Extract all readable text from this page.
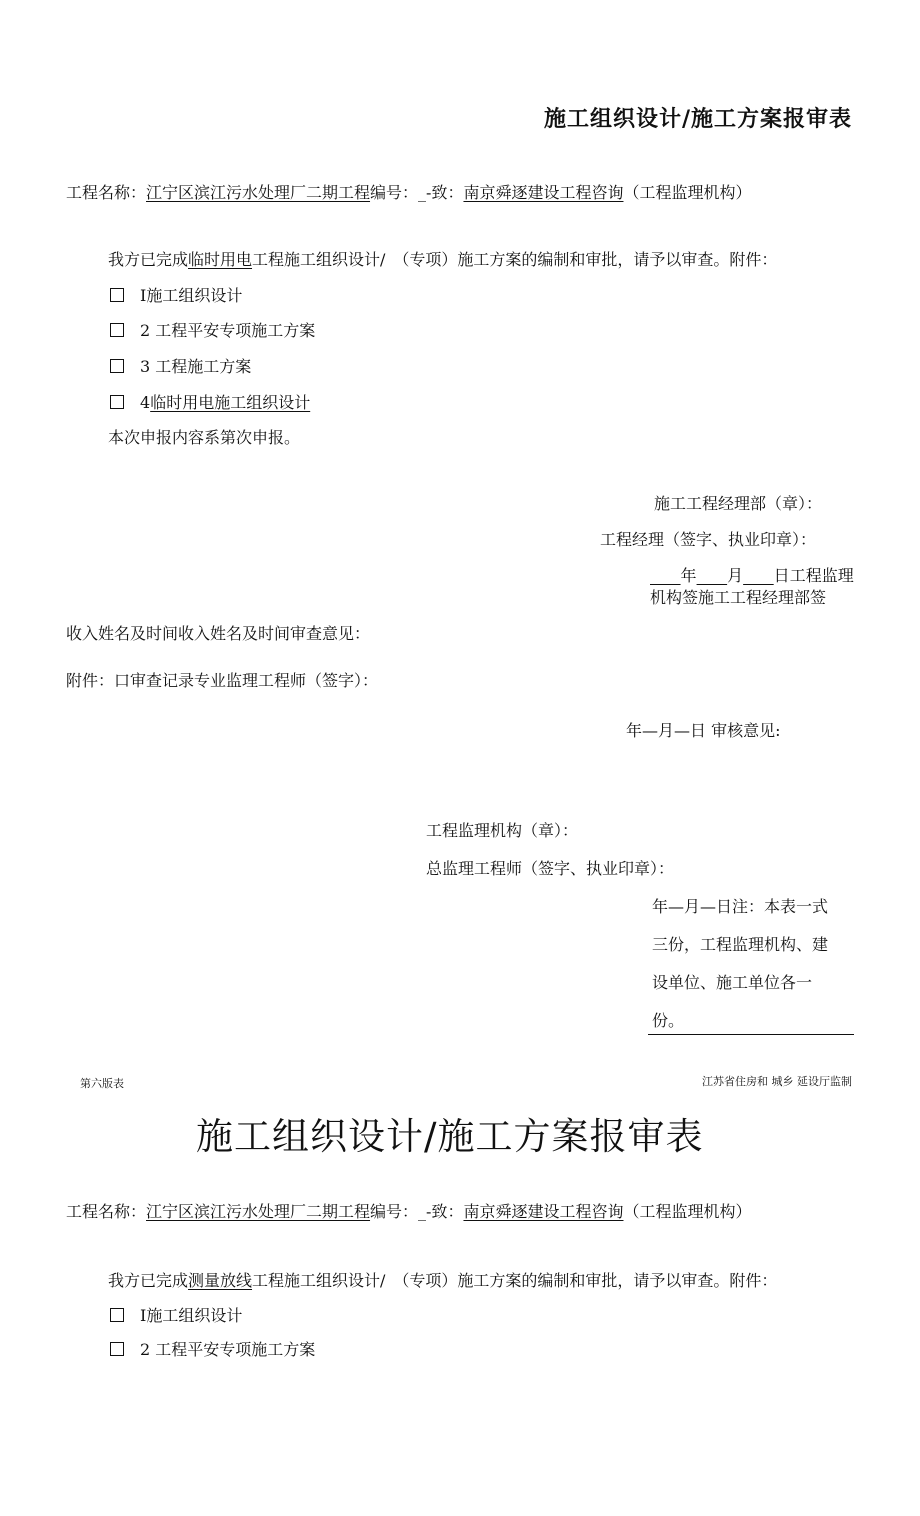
施工组织设计/施工方案报审表
工程名称：江宁区滨江污水处理厂二期工程编号：_-致：南京舜逐建设工程咨询（工程监理机构）
我方已完成临时用电工程施工组织设计/　（专项）施工方案的编制和审批，请予以审查。附件：
I施工组织设计
2 工程平安专项施工方案
3 工程施工方案
4临时用电施工组织设计
本次申报内容系第次申报。
施工工程经理部（章）：
工程经理（签字、执业印章）：
   年    月    日工程监理
机构签施工工程经理部签
收入姓名及时间收入姓名及时间审查意见：
附件：口审查记录专业监理工程师（签字）：
年—月—日 审核意见:
工程监理机构（章）：
总监理工程师（签字、执业印章）：
年—月—日注：本表一式
三份，工程监理机构、建
设单位、施工单位各一
份。
第六版表	江苏省住房和 城乡 延设厅监制
施工组织设计/施工方案报审表
工程名称：江宁区滨江污水处理厂二期工程编号：_-致：南京舜逐建设工程咨询（工程监理机构）
我方已完成测量放线工程施工组织设计/　（专项）施工方案的编制和审批，请予以审查。附件：
I施工组织设计
2 工程平安专项施工方案
